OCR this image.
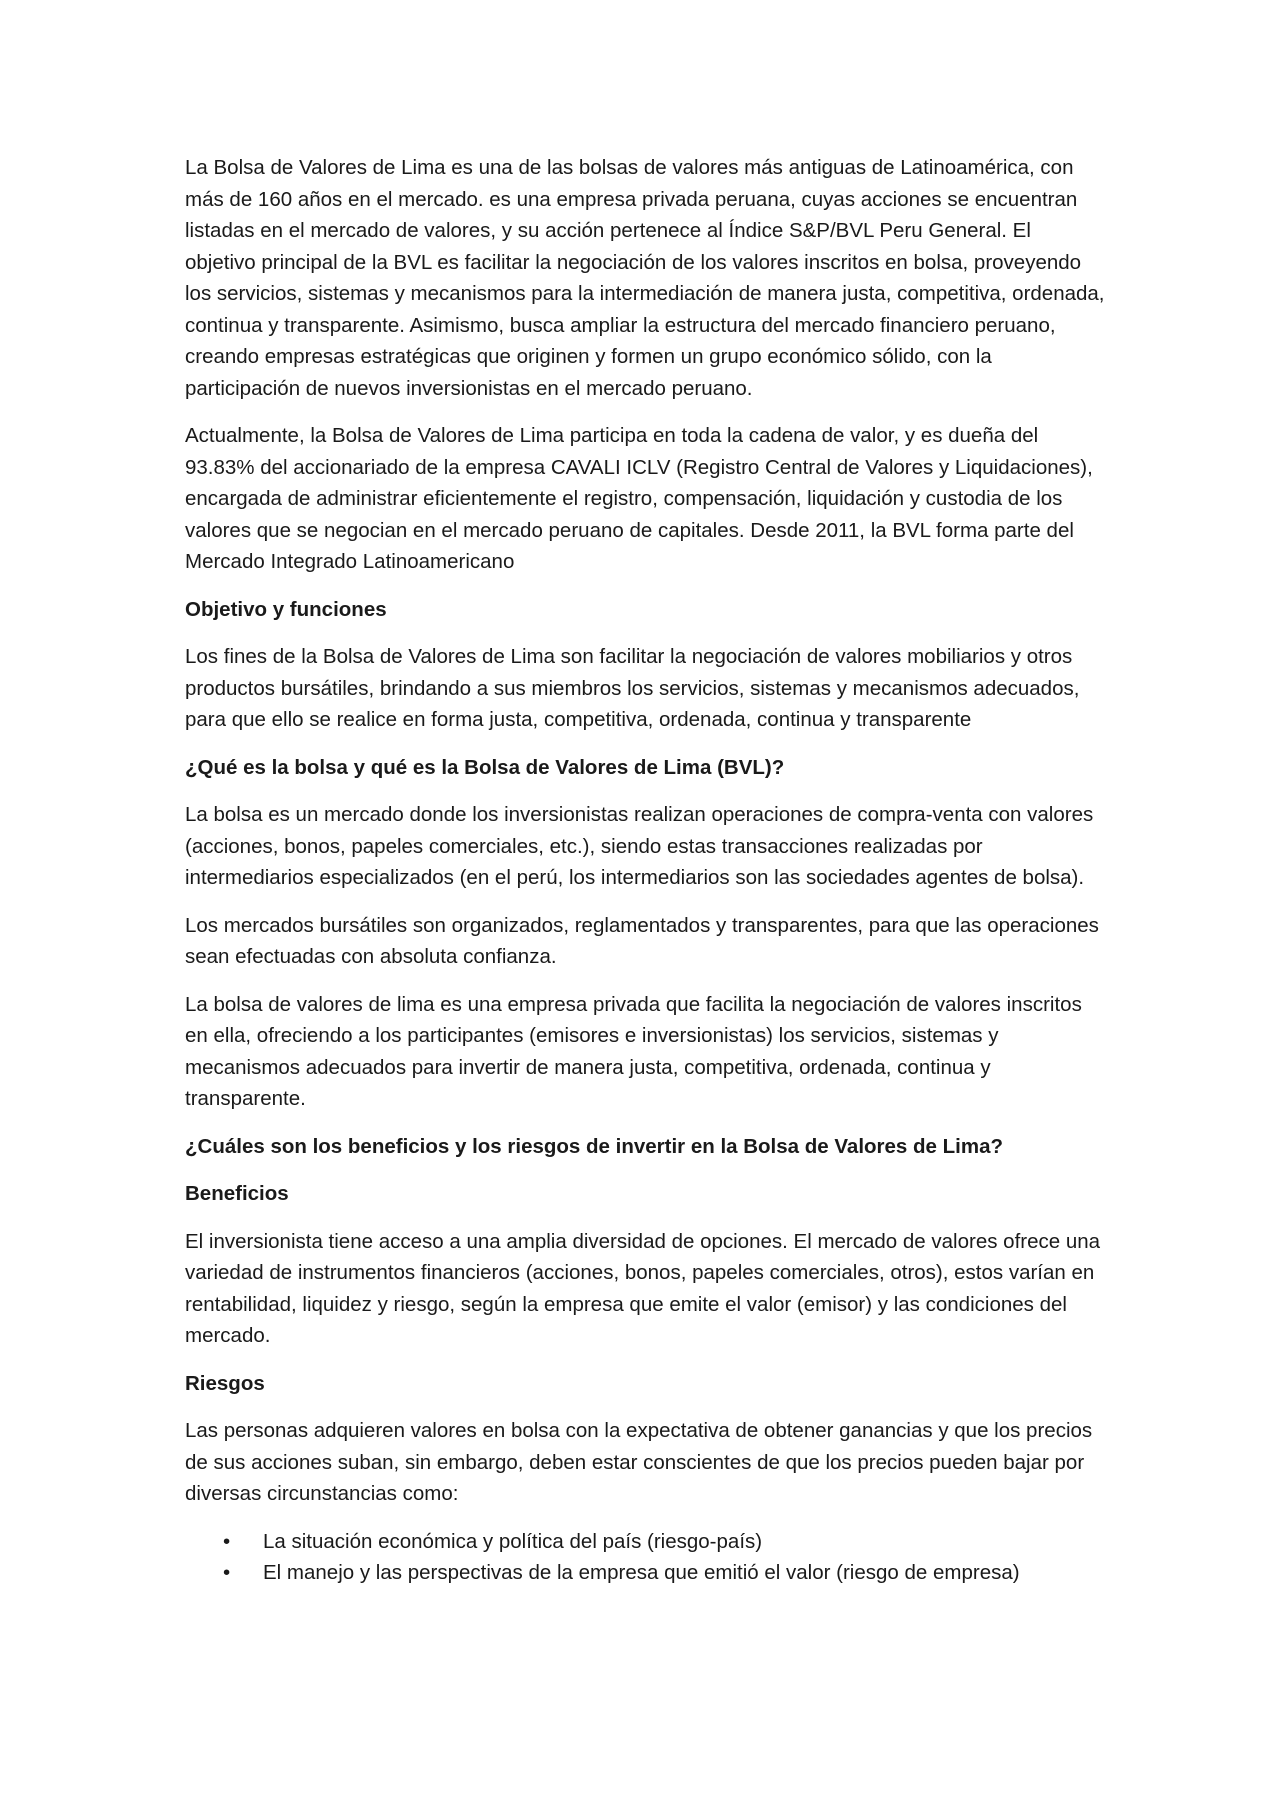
La Bolsa de Valores de Lima es una de las bolsas de valores más antiguas de Latinoamérica, con más de 160 años en el mercado. es una empresa privada peruana, cuyas acciones se encuentran listadas en el mercado de valores, y su acción pertenece al Índice S&P/BVL Peru General. El objetivo principal de la BVL es facilitar la negociación de los valores inscritos en bolsa, proveyendo los servicios, sistemas y mecanismos para la intermediación de manera justa, competitiva, ordenada, continua y transparente. Asimismo, busca ampliar la estructura del mercado financiero peruano, creando empresas estratégicas que originen y formen un grupo económico sólido, con la participación de nuevos inversionistas en el mercado peruano.

Actualmente, la Bolsa de Valores de Lima participa en toda la cadena de valor, y es dueña del 93.83% del accionariado de la empresa CAVALI ICLV (Registro Central de Valores y Liquidaciones), encargada de administrar eficientemente el registro, compensación, liquidación y custodia de los valores que se negocian en el mercado peruano de capitales. Desde 2011, la BVL forma parte del Mercado Integrado Latinoamericano

Objetivo y funciones

Los fines de la Bolsa de Valores de Lima son facilitar la negociación de valores mobiliarios y otros productos bursátiles, brindando a sus miembros los servicios, sistemas y mecanismos adecuados, para que ello se realice en forma justa, competitiva, ordenada, continua y transparente

¿Qué es la bolsa y qué es la Bolsa de Valores de Lima (BVL)?

La bolsa es un mercado donde los inversionistas realizan operaciones de compra-venta con valores (acciones, bonos, papeles comerciales, etc.), siendo estas transacciones realizadas por intermediarios especializados (en el perú, los intermediarios son las sociedades agentes de bolsa).

Los mercados bursátiles son organizados, reglamentados y transparentes, para que las operaciones sean efectuadas con absoluta confianza.

La bolsa de valores de lima es una empresa privada que facilita la negociación de valores inscritos en ella, ofreciendo a los participantes (emisores e inversionistas) los servicios, sistemas y mecanismos adecuados para invertir de manera justa, competitiva, ordenada, continua y transparente.

¿Cuáles son los beneficios y los riesgos de invertir en la Bolsa de Valores de Lima?

Beneficios

El inversionista tiene acceso a una amplia diversidad de opciones. El mercado de valores ofrece una variedad de instrumentos financieros (acciones, bonos, papeles comerciales, otros), estos varían en rentabilidad, liquidez y riesgo, según la empresa que emite el valor (emisor) y las condiciones del mercado.

Riesgos

Las personas adquieren valores en bolsa con la expectativa de obtener ganancias y que los precios de sus acciones suban, sin embargo, deben estar conscientes de que los precios pueden bajar por diversas circunstancias como:

• La situación económica y política del país (riesgo-país)
• El manejo y las perspectivas de la empresa que emitió el valor (riesgo de empresa)
